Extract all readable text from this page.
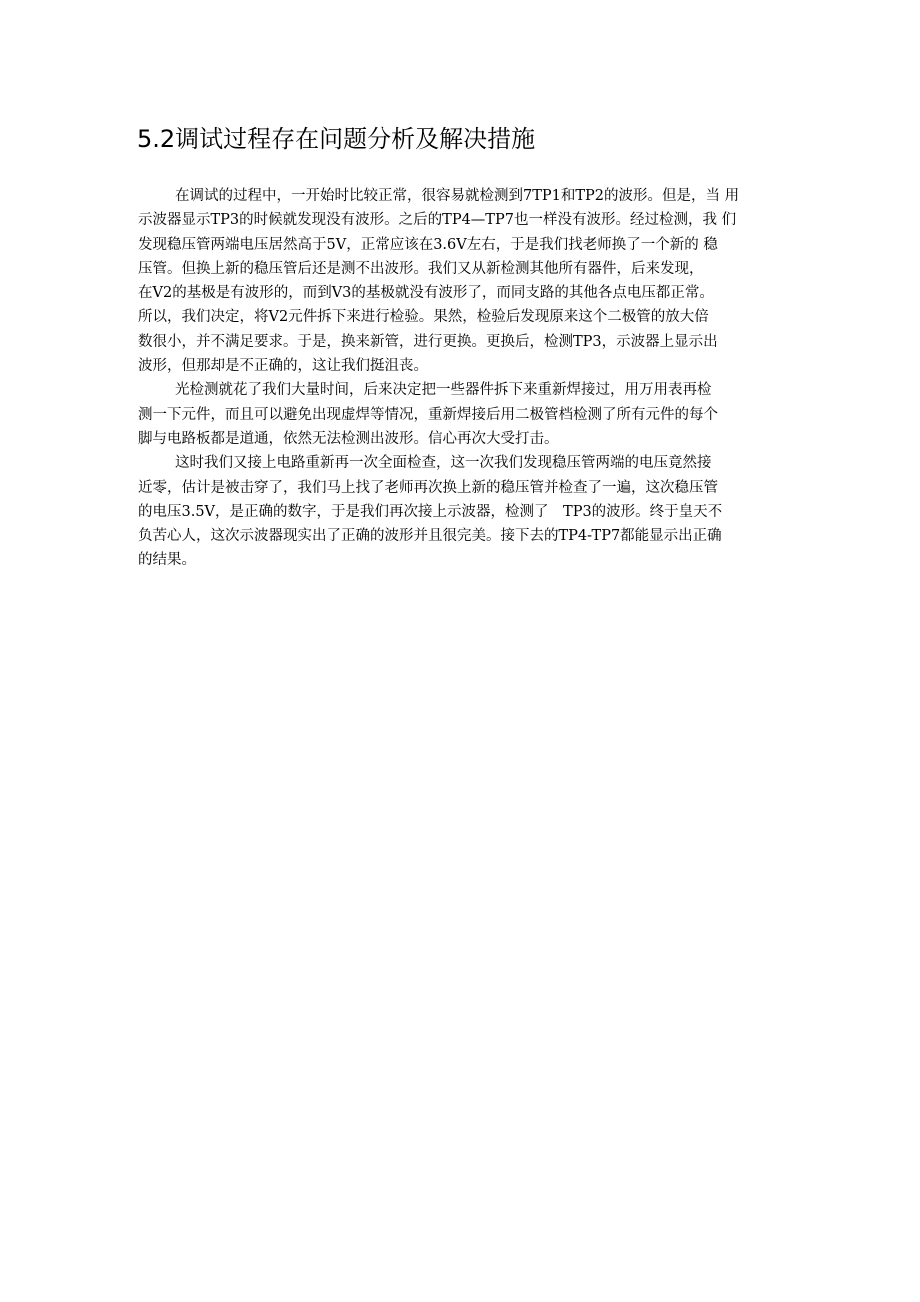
5.2调试过程存在问题分析及解决措施
在调试的过程中，一开始时比较正常，很容易就检测到7TP1和TP2的波形。但是，当 用
示波器显示TP3的时候就发现没有波形。之后的TP4—TP7也一样没有波形。经过检测，我 们
发现稳压管两端电压居然高于5V，正常应该在3.6V左右，于是我们找老师换了一个新的 稳
压管。但换上新的稳压管后还是测不出波形。我们又从新检测其他所有器件，后来发现，
在V2的基极是有波形的，而到V3的基极就没有波形了，而同支路的其他各点电压都正常。
所以，我们决定，将V2元件拆下来进行检验。果然，检验后发现原来这个二极管的放大倍
数很小，并不满足要求。于是，换来新管，进行更换。更换后，检测TP3，示波器上显示出
波形，但那却是不正确的，这让我们挺沮丧。
光检测就花了我们大量时间，后来决定把一些器件拆下来重新焊接过，用万用表再检
测一下元件，而且可以避免出现虚焊等情况，重新焊接后用二极管档检测了所有元件的每个
脚与电路板都是道通，依然无法检测出波形。信心再次大受打击。
这时我们又接上电路重新再一次全面检查，这一次我们发现稳压管两端的电压竟然接
近零，估计是被击穿了，我们马上找了老师再次换上新的稳压管并检查了一遍，这次稳压管
的电压3.5V，是正确的数字，于是我们再次接上示波器，检测了　TP3的波形。终于皇天不
负苦心人，这次示波器现实出了正确的波形并且很完美。接下去的TP4-TP7都能显示出正确
的结果。
